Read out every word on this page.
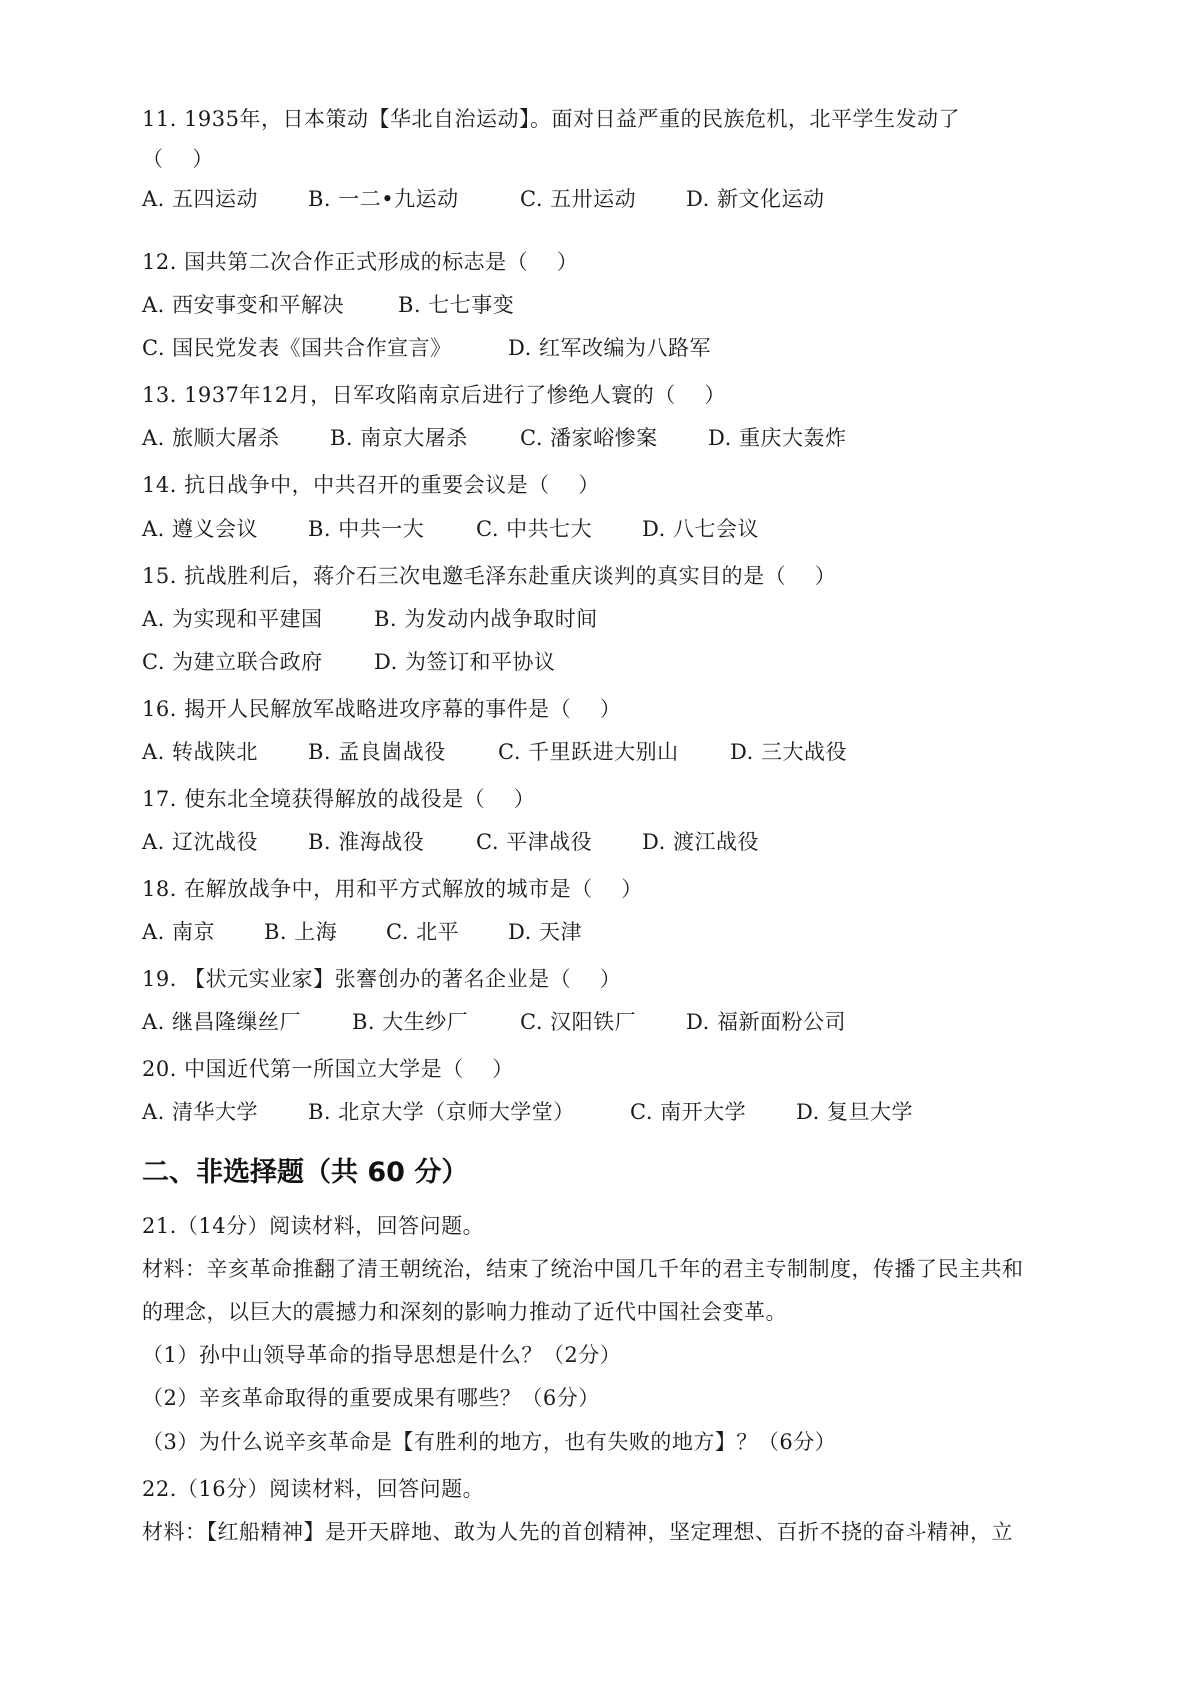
11. 1935年，日本策动【华北自治运动】。面对日益严重的民族危机，北平学生发动了
（    ）
A. 五四运动 B. 一二•九运动	C. 五卅运动 D. 新文化运动
12. 国共第二次合作正式形成的标志是（    ）
A. 西安事变和平解决	B. 七七事变
C. 国民党发表《国共合作宣言》	D. 红军改编为八路军
13. 1937年12月，日军攻陷南京后进行了惨绝人寰的（    ）
A. 旅顺大屠杀 B. 南京大屠杀 C. 潘家峪惨案 D. 重庆大轰炸
14. 抗日战争中，中共召开的重要会议是（    ）
A. 遵义会议 B. 中共一大 C. 中共七大 D. 八七会议
15. 抗战胜利后，蒋介石三次电邀毛泽东赴重庆谈判的真实目的是（    ）
A. 为实现和平建国 B. 为发动内战争取时间
C. 为建立联合政府 D. 为签订和平协议
16. 揭开人民解放军战略进攻序幕的事件是（    ）
A. 转战陕北 B. 孟良崮战役 C. 千里跃进大别山 D. 三大战役
17. 使东北全境获得解放的战役是（    ）
A. 辽沈战役 B. 淮海战役 C. 平津战役 D. 渡江战役
18. 在解放战争中，用和平方式解放的城市是（    ）
A. 南京 B. 上海 C. 北平 D. 天津
19. 【状元实业家】张謇创办的著名企业是（    ）
A. 继昌隆缫丝厂 B. 大生纱厂 C. 汉阳铁厂 D. 福新面粉公司
20. 中国近代第一所国立大学是（    ）
A. 清华大学 B. 北京大学（京师大学堂）	C. 南开大学 D. 复旦大学
二、非选择题（共 60 分）
21.（14分）阅读材料，回答问题。
材料：辛亥革命推翻了清王朝统治，结束了统治中国几千年的君主专制制度，传播了民主共和
的理念，以巨大的震撼力和深刻的影响力推动了近代中国社会变革。
（1）孙中山领导革命的指导思想是什么？（2分）
（2）辛亥革命取得的重要成果有哪些？（6分）
（3）为什么说辛亥革命是【有胜利的地方，也有失败的地方】？（6分）
22.（16分）阅读材料，回答问题。
材料：【红船精神】是开天辟地、敢为人先的首创精神，坚定理想、百折不挠的奋斗精神，立
